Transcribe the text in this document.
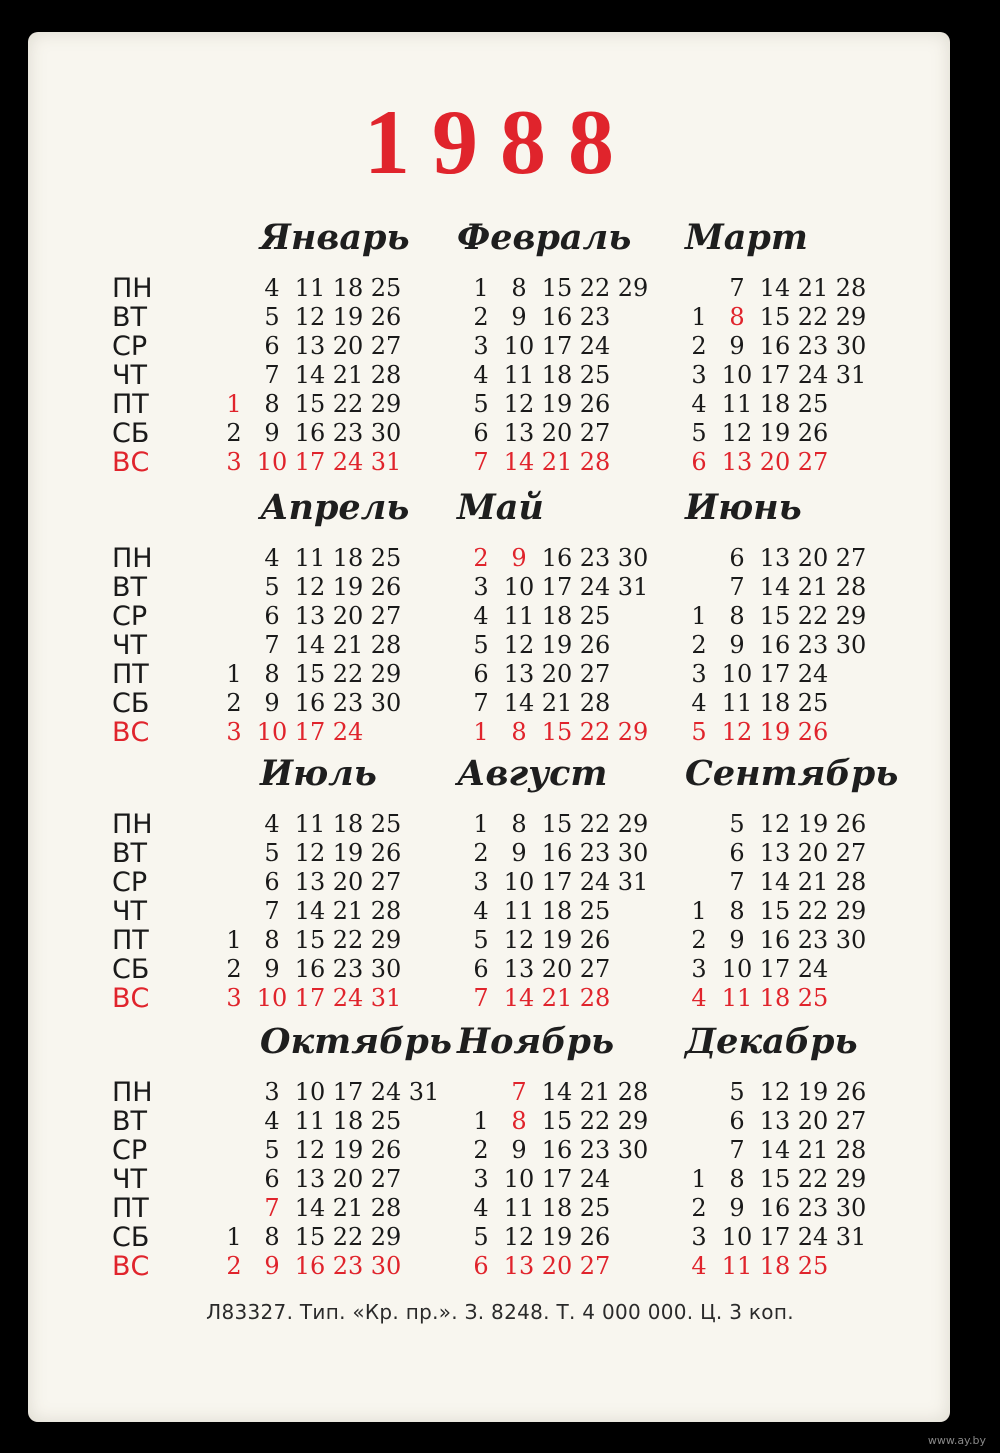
1988
ПН
ВТ
СР
ЧТ
ПТ
СБ
ВС
Январь
4 11 18 25
5 12 19 26
6 13 20 27
7 14 21 28
1 8 15 22 29
2 9 16 23 30
3 10 17 24 31
Февраль
1 8 15 22 29
2 9 16 23
3 10 17 24
4 11 18 25
5 12 19 26
6 13 20 27
7 14 21 28
Март
7 14 21 28
1 8 15 22 29
2 9 16 23 30
3 10 17 24 31
4 11 18 25
5 12 19 26
6 13 20 27
ПН
ВТ
СР
ЧТ
ПТ
СБ
ВС
Апрель
4 11 18 25
5 12 19 26
6 13 20 27
7 14 21 28
1 8 15 22 29
2 9 16 23 30
3 10 17 24
Май
2 9 16 23 30
3 10 17 24 31
4 11 18 25
5 12 19 26
6 13 20 27
7 14 21 28
1 8 15 22 29
Июнь
6 13 20 27
7 14 21 28
1 8 15 22 29
2 9 16 23 30
3 10 17 24
4 11 18 25
5 12 19 26
ПН
ВТ
СР
ЧТ
ПТ
СБ
ВС
Июль
4 11 18 25
5 12 19 26
6 13 20 27
7 14 21 28
1 8 15 22 29
2 9 16 23 30
3 10 17 24 31
Август
1 8 15 22 29
2 9 16 23 30
3 10 17 24 31
4 11 18 25
5 12 19 26
6 13 20 27
7 14 21 28
Сентябрь
5 12 19 26
6 13 20 27
7 14 21 28
1 8 15 22 29
2 9 16 23 30
3 10 17 24
4 11 18 25
ПН
ВТ
СР
ЧТ
ПТ
СБ
ВС
Октябрь
3 10 17 24 31
4 11 18 25
5 12 19 26
6 13 20 27
7 14 21 28
1 8 15 22 29
2 9 16 23 30
Ноябрь
7 14 21 28
1 8 15 22 29
2 9 16 23 30
3 10 17 24
4 11 18 25
5 12 19 26
6 13 20 27
Декабрь
5 12 19 26
6 13 20 27
7 14 21 28
1 8 15 22 29
2 9 16 23 30
3 10 17 24 31
4 11 18 25
Л83327. Тип. «Кр. пр.». З. 8248. Т. 4 000 000. Ц. 3 коп.
www.ay.by
